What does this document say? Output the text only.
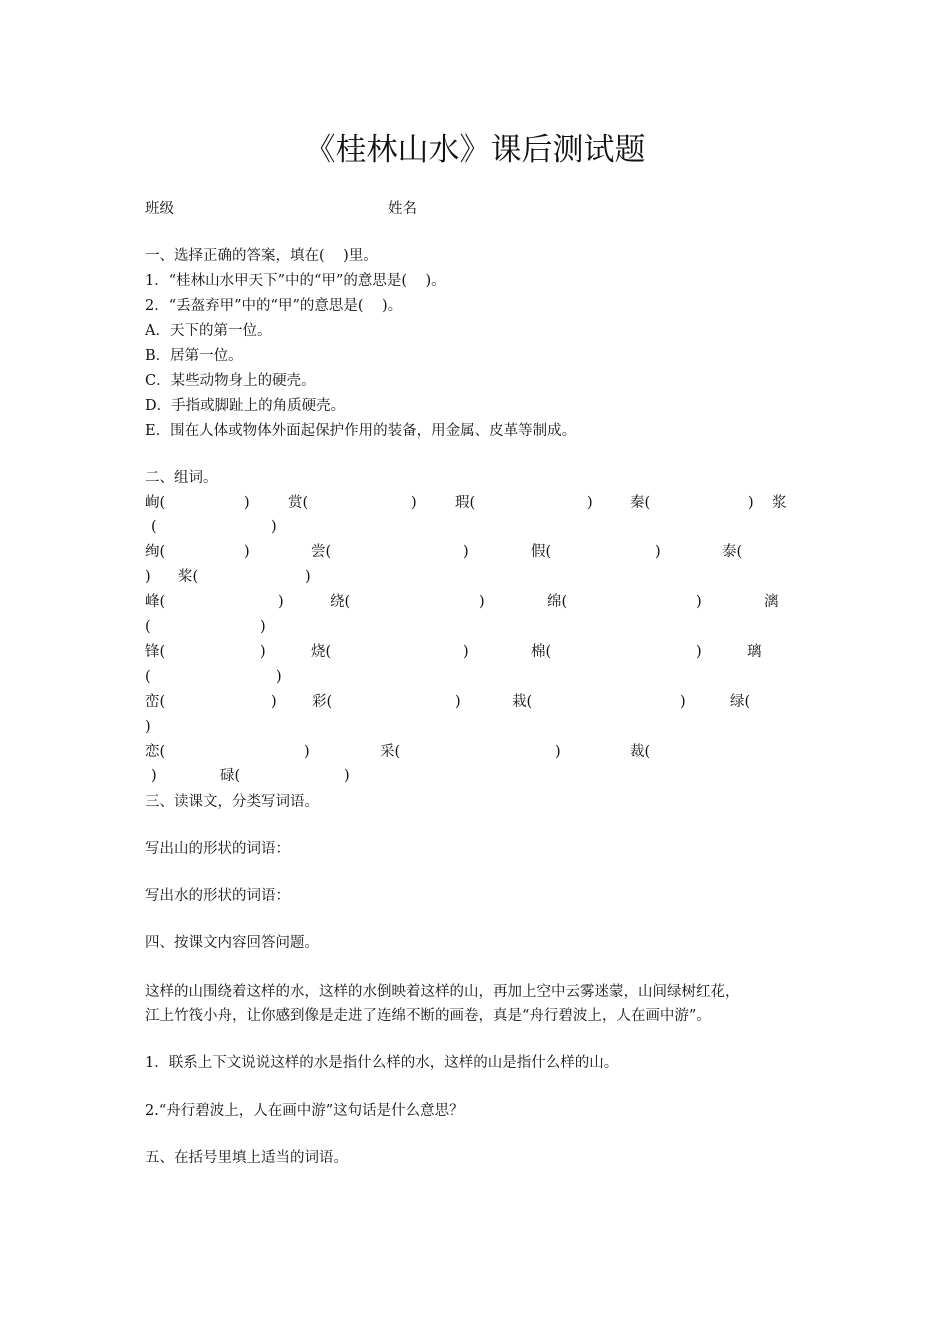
《桂林山水》课后测试题
班级	姓名
一、选择正确的答案，填在(    )里。
1．“桂林山水甲天下”中的“甲”的意思是(    )。
2．“丢盔弃甲”中的“甲”的意思是(    )。
A．天下的第一位。
B．居第一位。
C．某些动物身上的硬壳。
D．手指或脚趾上的角质硬壳。
E．围在人体或物体外面起保护作用的装备，用金属、皮革等制成。
二、组词。
峋(	)	赏(	)	瑕(	)	秦(	) 浆
(	)
绚(	)	尝(	)	假(	)	泰(
) 桨(	)
峰(	)	绕(	)	绵(	)	漓
(	)
锋(	)	烧(	)	棉(	)	璃
(	)
峦(	) 彩(	)	栽(	)	绿(
)
恋(	)	采(	)	裁(
)	碌(	)
三、读课文，分类写词语。
写出山的形状的词语：
写出水的形状的词语：
四、按课文内容回答问题。
这样的山围绕着这样的水，这样的水倒映着这样的山，再加上空中云雾迷蒙，山间绿树红花，
江上竹筏小舟，让你感到像是走进了连绵不断的画卷，真是“舟行碧波上，人在画中游”。
1．联系上下文说说这样的水是指什么样的水，这样的山是指什么样的山。
2.“舟行碧波上，人在画中游”这句话是什么意思？
五、在括号里填上适当的词语。
